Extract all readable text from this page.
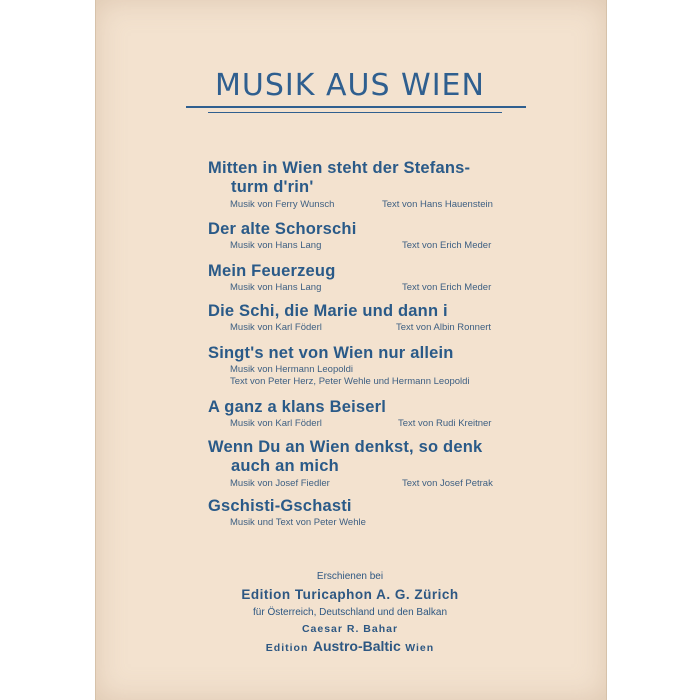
MUSIK AUS WIEN
Mitten in Wien steht der Stefans-
turm d'rin'
Musik von Ferry Wunsch	Text von Hans Hauenstein
Der alte Schorschi
Musik von Hans Lang	Text von Erich Meder
Mein Feuerzeug
Musik von Hans Lang	Text von Erich Meder
Die Schi, die Marie und dann i
Musik von Karl Föderl	Text von Albin Ronnert
Singt's net von Wien nur allein
Musik von Hermann Leopoldi
Text von Peter Herz, Peter Wehle und Hermann Leopoldi
A ganz a klans Beiserl
Musik von Karl Föderl	Text von Rudi Kreitner
Wenn Du an Wien denkst, so denk
auch an mich
Musik von Josef Fiedler	Text von Josef Petrak
Gschisti-Gschasti
Musik und Text von Peter Wehle
Erschienen bei
Edition Turicaphon A. G. Zürich
für Österreich, Deutschland und den Balkan
Caesar R. Bahar
Edition Austro-Baltic Wien
